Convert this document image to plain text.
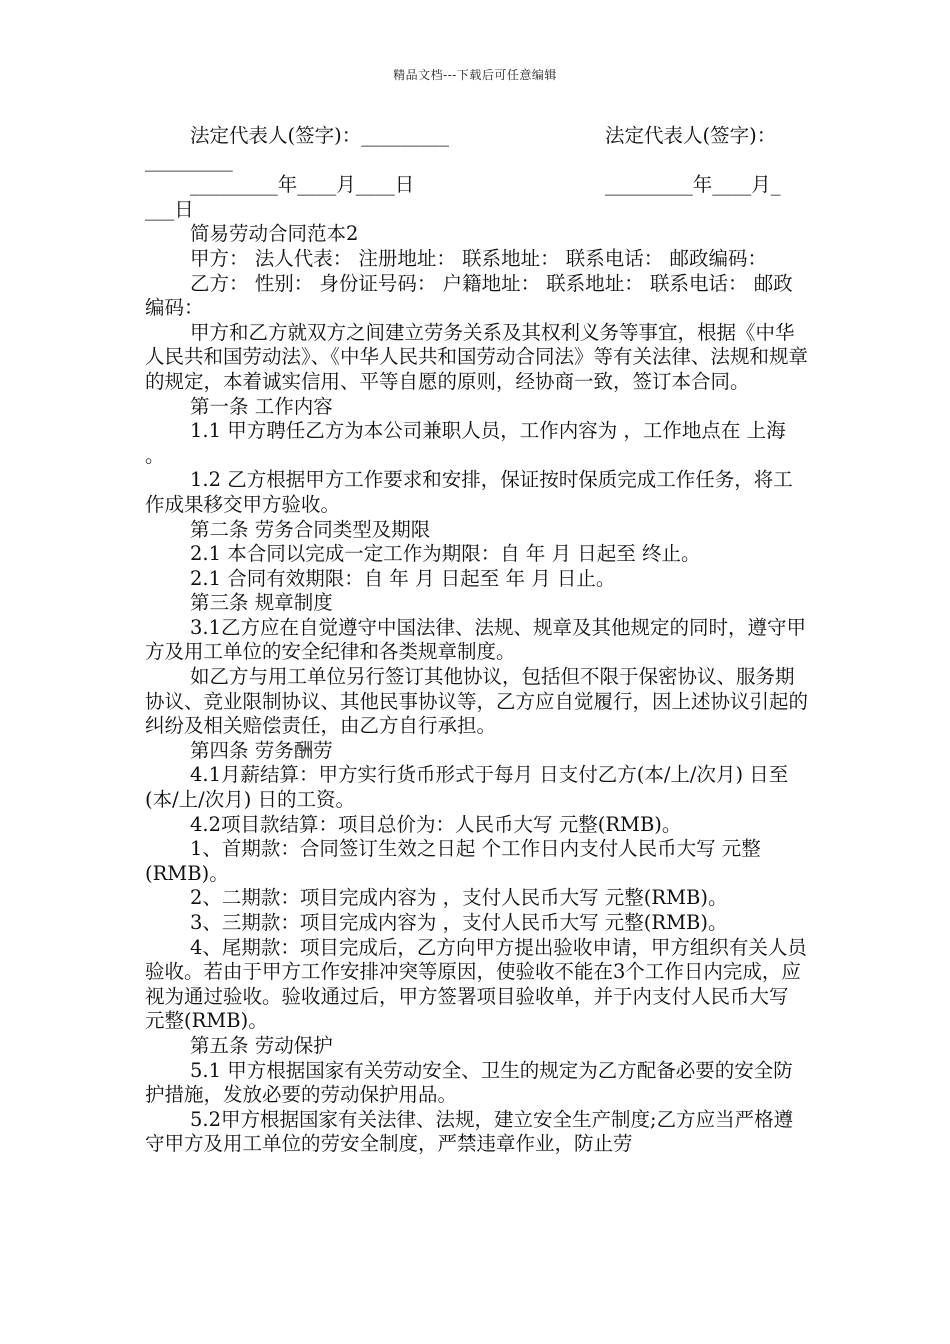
精品文档---下载后可任意编辑
法定代表人(签字)：_________	法定代表人(签字)：
_________
_________年____月____日	_________年____月_
___日

简易劳动合同范本2

甲方： 法人代表： 注册地址： 联系地址： 联系电话： 邮政编码：

乙方： 性别： 身份证号码： 户籍地址： 联系地址： 联系电话： 邮政编码：

甲方和乙方就双方之间建立劳务关系及其权利义务等事宜，根据《中华人民共和国劳动法》、《中华人民共和国劳动合同法》等有关法律、法规和规章的规定，本着诚实信用、平等自愿的原则，经协商一致，签订本合同。

第一条 工作内容

1.1 甲方聘任乙方为本公司兼职人员，工作内容为 ，工作地点在 上海 。

1.2 乙方根据甲方工作要求和安排，保证按时保质完成工作任务，将工作成果移交甲方验收。

第二条 劳务合同类型及期限

2.1 本合同以完成一定工作为期限：自 年 月 日起至 终止。

2.1 合同有效期限：自 年 月 日起至 年 月 日止。

第三条 规章制度

3.1乙方应在自觉遵守中国法律、法规、规章及其他规定的同时，遵守甲方及用工单位的安全纪律和各类规章制度。

如乙方与用工单位另行签订其他协议，包括但不限于保密协议、服务期协议、竞业限制协议、其他民事协议等，乙方应自觉履行，因上述协议引起的纠纷及相关赔偿责任，由乙方自行承担。

第四条 劳务酬劳

4.1月薪结算：甲方实行货币形式于每月 日支付乙方(本/上/次月) 日至(本/上/次月) 日的工资。

4.2项目款结算：项目总价为：人民币大写 元整(RMB)。

1、首期款：合同签订生效之日起 个工作日内支付人民币大写 元整(RMB)。

2、二期款：项目完成内容为 ，支付人民币大写 元整(RMB)。

3、三期款：项目完成内容为 ，支付人民币大写 元整(RMB)。

4、尾期款：项目完成后，乙方向甲方提出验收申请，甲方组织有关人员验收。若由于甲方工作安排冲突等原因，使验收不能在3个工作日内完成，应视为通过验收。验收通过后，甲方签署项目验收单，并于内支付人民币大写 元整(RMB)。

第五条 劳动保护

5.1 甲方根据国家有关劳动安全、卫生的规定为乙方配备必要的安全防护措施，发放必要的劳动保护用品。

5.2甲方根据国家有关法律、法规，建立安全生产制度;乙方应当严格遵守甲方及用工单位的劳安全制度，严禁违章作业，防止劳
